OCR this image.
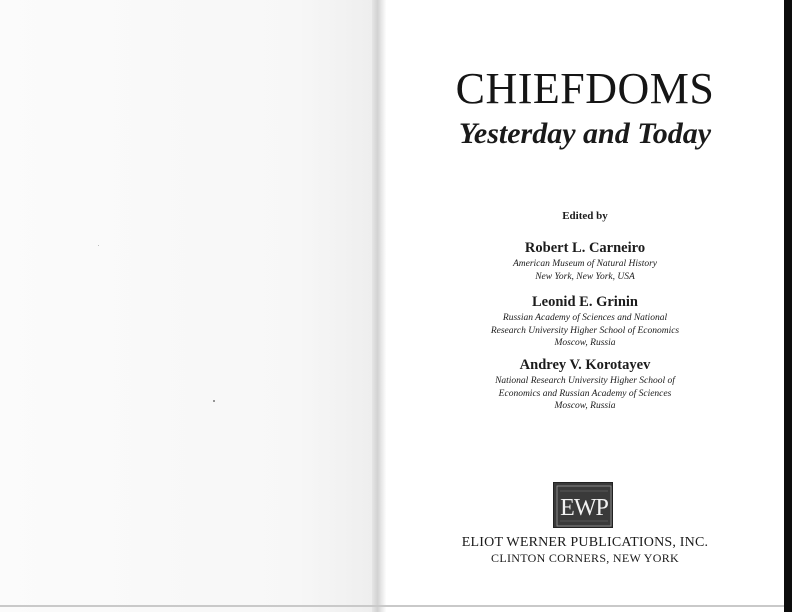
CHIEFDOMS
Yesterday and Today
Edited by
Robert L. Carneiro
American Museum of Natural History
New York, New York, USA
Leonid E. Grinin
Russian Academy of Sciences and National
Research University Higher School of Economics
Moscow, Russia
Andrey V. Korotayev
National Research University Higher School of
Economics and Russian Academy of Sciences
Moscow, Russia
EWP
ELIOT WERNER PUBLICATIONS, INC.
CLINTON CORNERS, NEW YORK
